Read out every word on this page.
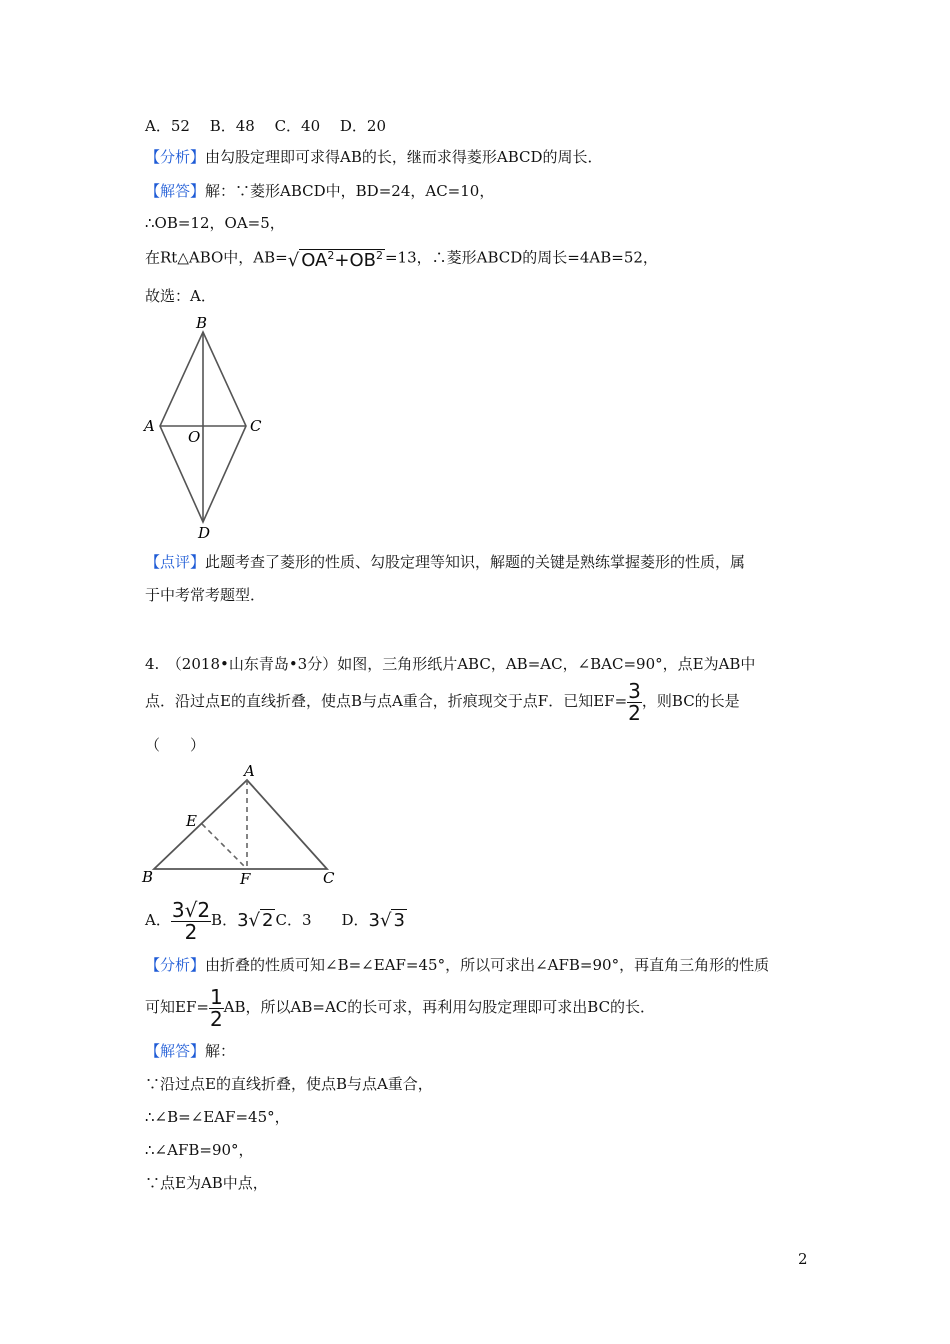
A．52　 B．48　 C．40　 D．20
【分析】由勾股定理即可求得AB的长，继而求得菱形ABCD的周长．
【解答】解：∵菱形ABCD中，BD=24，AC=10，
∴OB=12，OA=5，
在Rt△ABO中，AB=√ $OA^2+OB^2 =13$，∴菱形ABCD的周长=4AB=52，
故选：A．
B
A	C
O
D
【点评】此题考查了菱形的性质、勾股定理等知识，解题的关键是熟练掌握菱形的性质，属
于中考常考题型．
4.　（2018•山东青岛•3分）如图，三角形纸片ABC，AB=AC，∠BAC=90°，点E为AB中
点．沿过点E的直线折叠，使点B与点A重合，折痕现交于点F．已知$EF= \frac{3}{2}$ ，则BC的长是
（　　）
A
E
B	F	C
A． $\frac{3√2}{2}$ B．3√ 2 C．3　　D．3√ 3
【分析】由折叠的性质可知∠B=∠EAF=45°，所以可求出∠AFB=90°，再直角三角形的性质
可知$EF= \frac{1}{2}$ AB，所以AB=AC的长可求，再利用勾股定理即可求出BC的长．
【解答】解：
∵沿过点E的直线折叠，使点B与点A重合，
∴∠B=∠EAF=45°，
∴∠AFB=90°，
∵点E为AB中点，
2
